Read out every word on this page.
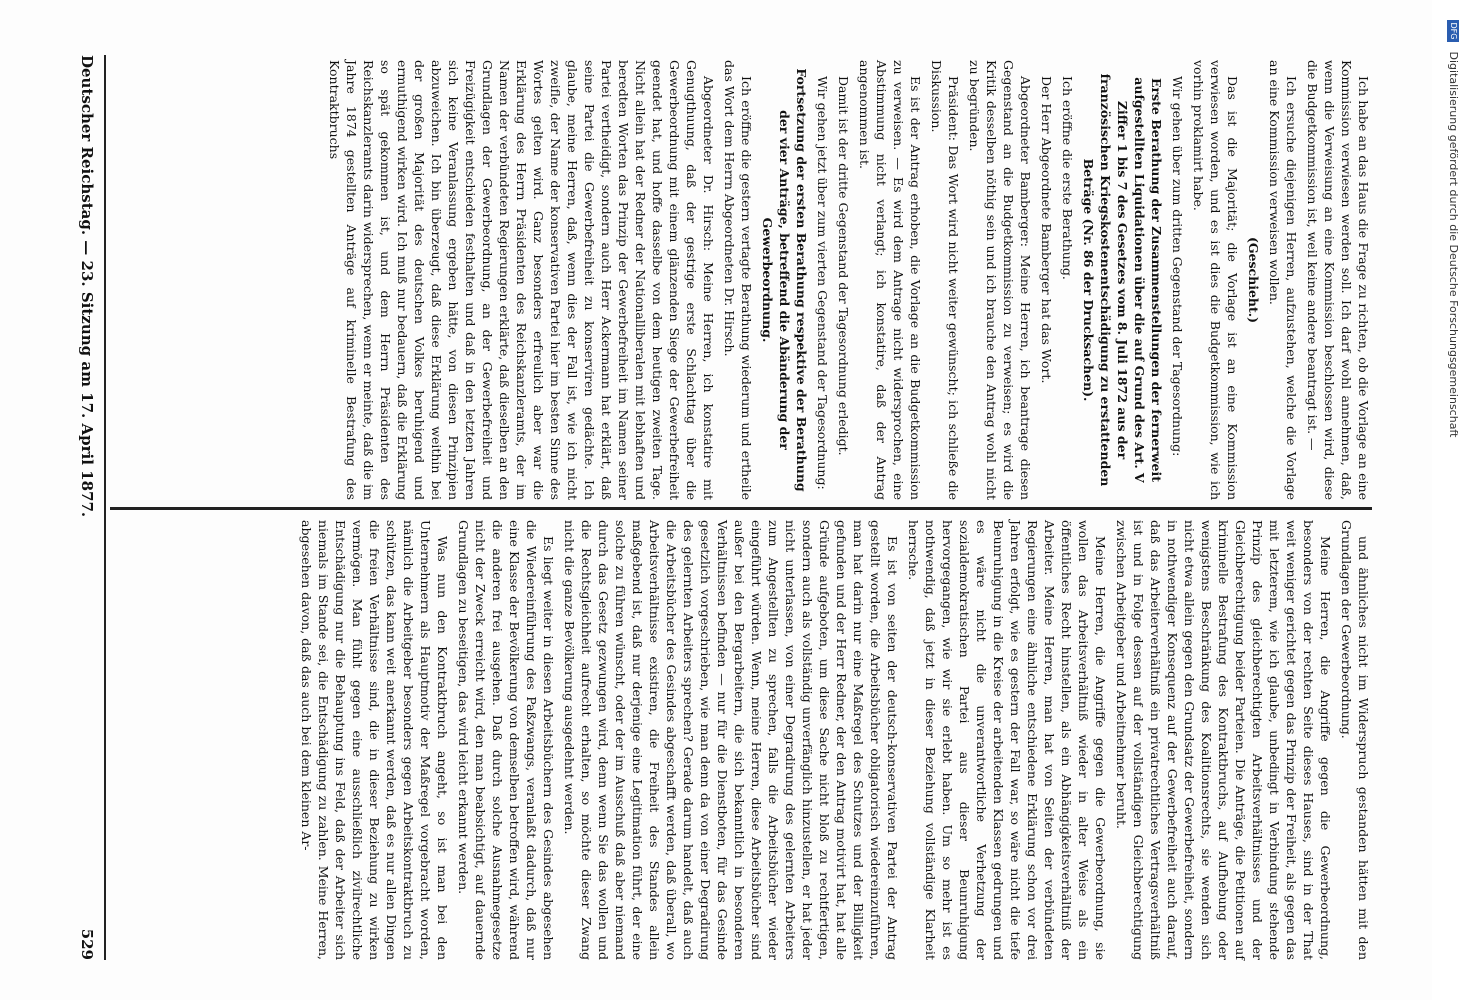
DFG Digitalisierung gefördert durch die Deutsche Forschungsgemeinschaft

Ich habe an das Haus die Frage zu richten, ob die Vorlage an eine Kommission verwiesen werden soll. Ich darf wohl annehmen, daß, wenn die Verweisung an eine Kommission beschlossen wird, diese die Budgetkommission ist, weil keine andere beantragt ist. —

Ich ersuche diejenigen Herren, aufzustehen, welche die Vorlage an eine Kommission verweisen wollen.

(Geschieht.)

Das ist die Majorität; die Vorlage ist an eine Kommission verwiesen worden, und es ist dies die Budgetkommission, wie ich vorhin proklamirt habe.

Wir gehen über zum dritten Gegenstand der Tagesordnung:

Erste Berathung der Zusammenstellungen der fernerweit aufgestellten Liquidationen über die auf Grund des Art. V Ziffer 1 bis 7 des Gesetzes vom 8. Juli 1872 aus der französischen Kriegskostenentschädigung zu erstattenden Beträge (Nr. 86 der Drucksachen).

Ich eröffne die erste Berathung.

Der Herr Abgeordnete Bamberger hat das Wort.

Abgeordneter Bamberger: Meine Herren, ich beantrage diesen Gegenstand an die Budgetkommission zu verweisen; es wird die Kritik desselben nöthig sein und ich brauche den Antrag wohl nicht zu begründen.

Präsident: Das Wort wird nicht weiter gewünscht; ich schließe die Diskussion.

Es ist der Antrag erhoben, die Vorlage an die Budgetkommission zu verweisen. — Es wird dem Antrage nicht widersprochen, eine Abstimmung nicht verlangt; ich konstatire, daß der Antrag angenommen ist.

Damit ist der dritte Gegenstand der Tagesordnung erledigt.

Wir gehen jetzt über zum vierten Gegenstand der Tagesordnung:

Fortsetzung der ersten Berathung respektive der Berathung der vier Anträge, betreffend die Abänderung der Gewerbeordnung.

Ich eröffne die gestern vertagte Berathung wiederum und ertheile das Wort dem Herrn Abgeordneten Dr. Hirsch.

Abgeordneter Dr. Hirsch: Meine Herren, ich konstatire mit Genugthuung, daß der gestrige erste Schlachttag über die Gewerbeordnung mit einem glänzenden Siege der Gewerbefreiheit geendet hat, und hoffe dasselbe von dem heutigen zweiten Tage. Nicht allein hat der Redner der Nationalliberalen mit lebhaften und beredten Worten das Prinzip der Gewerbefreiheit im Namen seiner Partei vertheidigt, sondern auch Herr Ackermann hat erklärt, daß seine Partei die Gewerbefreiheit zu konserviren gedächte. Ich glaube, meine Herren, daß, wenn dies der Fall ist, wie ich nicht zweifle, der Name der konservativen Partei hier im besten Sinne des Wortes gelten wird. Ganz besonders erfreulich aber war die Erklärung des Herrn Präsidenten des Reichskanzleramts, der im Namen der verbündeten Regierungen erklärte, daß dieselben an den Grundlagen der Gewerbeordnung, an der Gewerbefreiheit und Freizügigkeit entschieden festhalten und daß in den letzten Jahren sich keine Veranlassung ergeben hätte, von diesen Prinzipien abzuweichen. Ich bin überzeugt, daß diese Erklärung weithin bei der großen Majorität des deutschen Volkes beruhigend und ermuthigend wirken wird. Ich muß nur bedauern, daß die Erklärung so spät gekommen ist, und dem Herrn Präsidenten des Reichskanzleramts darin widersprechen, wenn er meinte, daß die im Jahre 1874 gestellten Anträge auf kriminelle Bestrafung des Kontraktbruchs

und ähnliches nicht im Widerspruch gestanden hätten mit den Grundlagen der Gewerbeordnung.

Meine Herren, die Angriffe gegen die Gewerbeordnung, besonders von der rechten Seite dieses Hauses, sind in der That weit weniger gerichtet gegen das Prinzip der Freiheit, als gegen das mit letzterem, wie ich glaube, unbedingt in Verbindung stehende Prinzip des gleichberechtigten Arbeitsverhältnisses und der Gleichberechtigung beider Parteien. Die Anträge, die Petitionen auf kriminelle Bestrafung des Kontraktbruchs, auf Aufhebung oder wenigstens Beschränkung des Koalitionsrechts, sie wenden sich nicht etwa allein gegen den Grundsatz der Gewerbefreiheit, sondern in nothwendiger Konsequenz auf der Gewerbefreiheit auch darauf, daß das Arbeiterverhältniß ein privatrechtliches Vertragsverhältniß ist und in Folge dessen auf der vollständigen Gleichberechtigung zwischen Arbeitgeber und Arbeitnehmer beruht.

Meine Herren, die Angriffe gegen die Gewerbeordnung, sie wollen das Arbeitsverhältniß wieder in alter Weise als ein öffentliches Recht hinstellen, als ein Abhängigkeitsverhältniß der Arbeiter. Meine Herren, man hat von Seiten der verbündeten Regierungen eine ähnliche entschiedene Erklärung schon vor drei Jahren erfolgt, wie es gestern der Fall war, so wäre nicht die tiefe Beunruhigung in die Kreise der arbeitenden Klassen gedrungen und es wäre nicht die unverantwortliche Verhetzung der sozialdemokratischen Partei aus dieser Beunruhigung hervorgegangen, wie wir sie erlebt haben. Um so mehr ist es nothwendig, daß jetzt in dieser Beziehung vollständige Klarheit herrsche.

Es ist von seiten der deutsch-konservativen Partei der Antrag gestellt worden, die Arbeitsbücher obligatorisch wiedereinzuführen, man hat darin nur eine Maßregel des Schutzes und der Billigkeit gefunden und der Herr Redner, der den Antrag motivirt hat, hat alle Gründe aufgeboten, um diese Sache nicht bloß zu rechtfertigen, sondern auch als vollständig unverfänglich hinzustellen, er hat jeder nicht unterlassen, von einer Degradirung des gelernten Arbeiters zum Angestellten zu sprechen, falls die Arbeitsbücher wieder eingeführt würden. Wenn, meine Herren, diese Arbeitsbücher sind außer bei den Bergarbeitern, die sich bekanntlich in besonderen Verhältnissen befinden — nur für die Dienstboten, für das Gesinde gesetzlich vorgeschrieben, wie man denn da von einer Degradirung des gelernten Arbeiters sprechen? Gerade darum handelt, daß auch die Arbeitsbücher des Gesindes abgeschafft werden, daß überall, wo Arbeitsverhältnisse existiren, die Freiheit des Standes allein maßgebend ist, daß nur derjenige eine Legitimation führt, der eine solche zu führen wünscht, oder der im Ausschuß daß aber niemand durch das Gesetz gezwungen wird, denn wenn Sie das wollen und die Rechtsgleichheit aufrecht erhalten, so möchte dieser Zwang nicht die ganze Bevölkerung ausgedehnt werden.

Es liegt weiter in diesen Arbeitsbüchern des Gesindes abgesehen die Wiedereinführung des Paßzwangs, veranlaßt dadurch, daß nur eine Klasse der Bevölkerung von demselben betroffen wird, während die anderen frei ausgehen. Daß durch solche Ausnahmegesetze nicht der Zweck erreicht wird, den man beabsichtigt, auf dauernde Grundlagen zu beseitigen, das wird leicht erkannt werden.

Was nun den Kontraktbruch angeht, so ist man bei den Unternehmern als Hauptmotiv der Maßregel vorgebracht worden, nämlich die Arbeitgeber besonders gegen Arbeitskontraktbruch zu schützen, das kann weit anerkannt werden, daß es nur allen Dingen die freien Verhältnisse sind, die in dieser Beziehung zu wirken vermögen. Man fühlt gegen eine ausschließlich zivilrechtliche Entschädigung nur die Behauptung ins Feld, daß der Arbeiter sich niemals im Stande sei, die Entschädigung zu zahlen. Meine Herren, abgesehen davon, daß das auch bei dem kleinen Ar-

Deutscher Reichstag. — 23. Sitzung am 17. April 1877.
529
